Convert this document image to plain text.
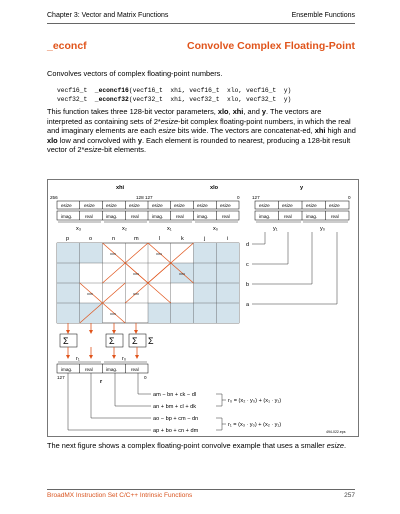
Chapter 3: Vector and Matrix Functions	Ensemble Functions
_econcf	Convolve Complex Floating-Point
Convolves vectors of complex floating-point numbers.
vecf16_t _econcf16(vecf16_t  xhi, vecf16_t  xlo, vecf16_t  y)
vecf32_t _econcf32(vecf32_t  xhi, vecf32_t  xlo, vecf32_t  y)
This function takes three 128-bit vector parameters, xlo, xhi, and y. The vectors are interpreted as containing sets of 2*esize-bit complex floating-point numbers, in which the real and imaginary elements are each esize bits wide. The vectors are concatenat-ed, xhi high and xlo low and convolved with y. Each element is rounded to nearest, producing a 128-bit result vector of 2*esize-bit elements.
xhi	xlo	y
256	128 127	0	127	0
esize	esize esize	esize	esize esize	esize	esize
imag.	real	imag.	real	imag.	real	imag.	real
x₃	x₂	x₁	x₀
esize	esize	esize	esize
imag.	real	imag.	real
y₁	y₀
p	o	n	m	l	k	j	i
d
c
b
a
Σ	Σ Σ Σ
r₁	r₀
imag.	real	imag.	real
127	0
r
am − bn + ck − dl
an + bm + cl + dk
ao − bp + cm − dn
ap + bo + cn + dm
r₀ = (x₂ ∙ y₀) + (x₁ ∙ y₁)
r₁ = (x₃ ∙ y₀) + (x₂ ∙ y₁)
494-022.eps
The next figure shows a complex floating-point convolve example that uses a smaller esize.
BroadMX Instruction Set C/C++ Intrinsic Functions	257
